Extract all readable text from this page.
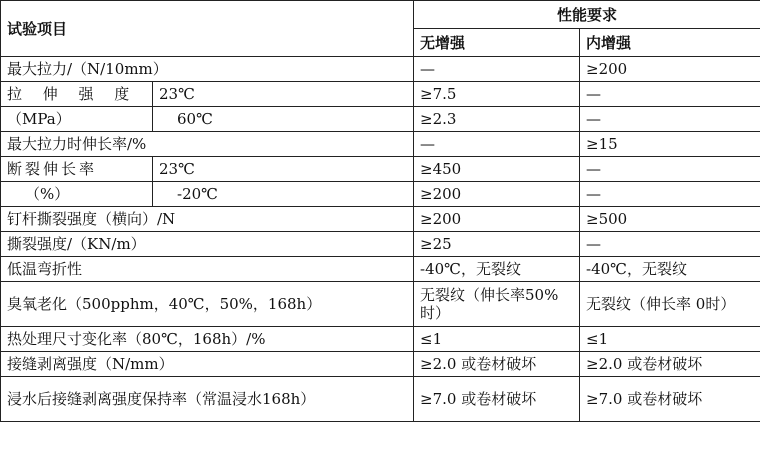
试验项目		性能要求	
		无增强	内增强
最大拉力/（N/10mm）		—	≥200
拉 伸 强 度	23℃	≥7.5	—
（MPa）	60℃	≥2.3	—
最大拉力时伸长率/%		—	≥15
断裂伸长率	23℃	≥450	—
（%）	-20℃	≥200	—
钉杆撕裂强度（横向）/N		≥200	≥500
撕裂强度/（KN/m）		≥25	—
低温弯折性		-40℃，无裂纹	-40℃，无裂纹
臭氧老化（500pphm，40℃，50%，168h）		无裂纹（伸长率50%时）	无裂纹（伸长率 0时）
热处理尺寸变化率（80℃，168h）/%		≤1	≤1
接缝剥离强度（N/mm）		≥2.0 或卷材破坏	≥2.0 或卷材破坏
浸水后接缝剥离强度保持率（常温浸水168h）		≥7.0 或卷材破坏	≥7.0 或卷材破坏
